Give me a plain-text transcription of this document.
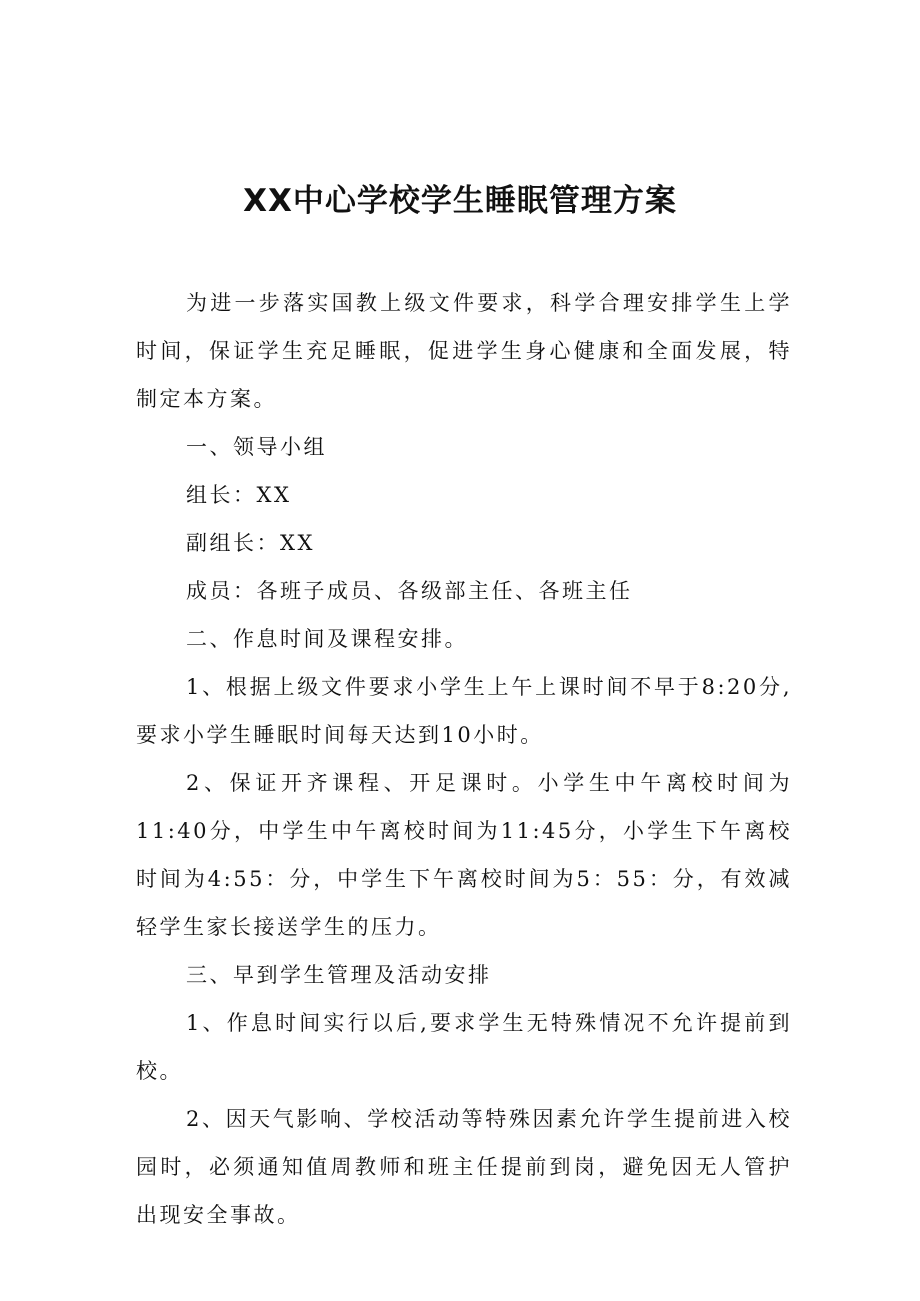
XX中心学校学生睡眠管理方案

为进一步落实国教上级文件要求，科学合理安排学生上学时间，保证学生充足睡眠，促进学生身心健康和全面发展，特制定本方案。

一、领导小组

组长：XX

副组长：XX

成员：各班子成员、各级部主任、各班主任

二、作息时间及课程安排。

1、根据上级文件要求小学生上午上课时间不早于8:20分,要求小学生睡眠时间每天达到10小时。

2、保证开齐课程、开足课时。小学生中午离校时间为11:40分，中学生中午离校时间为11:45分，小学生下午离校时间为4:55：分，中学生下午离校时间为5：55：分，有效减轻学生家长接送学生的压力。

三、早到学生管理及活动安排

1、作息时间实行以后,要求学生无特殊情况不允许提前到校。

2、因天气影响、学校活动等特殊因素允许学生提前进入校园时，必须通知值周教师和班主任提前到岗，避免因无人管护出现安全事故。
